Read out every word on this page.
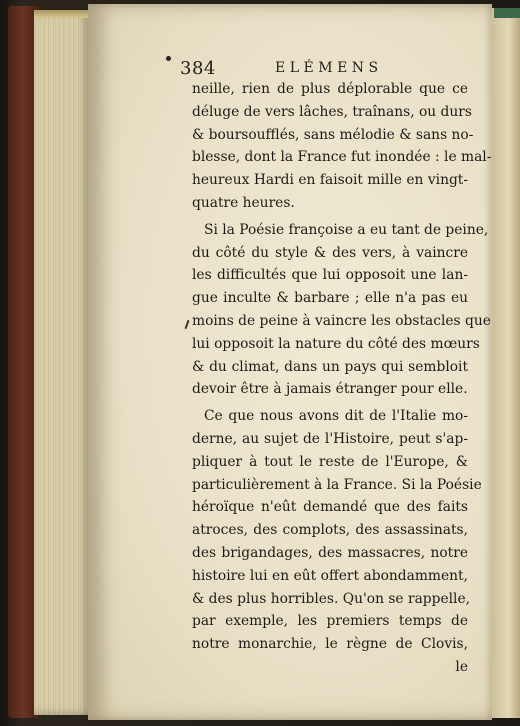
384	ELÉMENS
neille, rien de plus déplorable que ce
déluge de vers lâches, traînans, ou durs
& boursoufflés, sans mélodie & sans no-
blesse, dont la France fut inondée : le mal-
heureux Hardi en faisoit mille en vingt-
quatre heures.
Si la Poésie françoise a eu tant de peine,
du côté du style & des vers, à vaincre
les difficultés que lui opposoit une lan-
gue inculte & barbare ; elle n'a pas eu
moins de peine à vaincre les obstacles que
lui opposoit la nature du côté des mœurs
& du climat, dans un pays qui sembloit
devoir être à jamais étranger pour elle.
Ce que nous avons dit de l'Italie mo-
derne, au sujet de l'Histoire, peut s'ap-
pliquer à tout le reste de l'Europe, &
particulièrement à la France. Si la Poésie
héroïque n'eût demandé que des faits
atroces, des complots, des assassinats,
des brigandages, des massacres, notre
histoire lui en eût offert abondamment,
& des plus horribles. Qu'on se rappelle,
par exemple, les premiers temps de
notre monarchie, le règne de Clovis,
le
